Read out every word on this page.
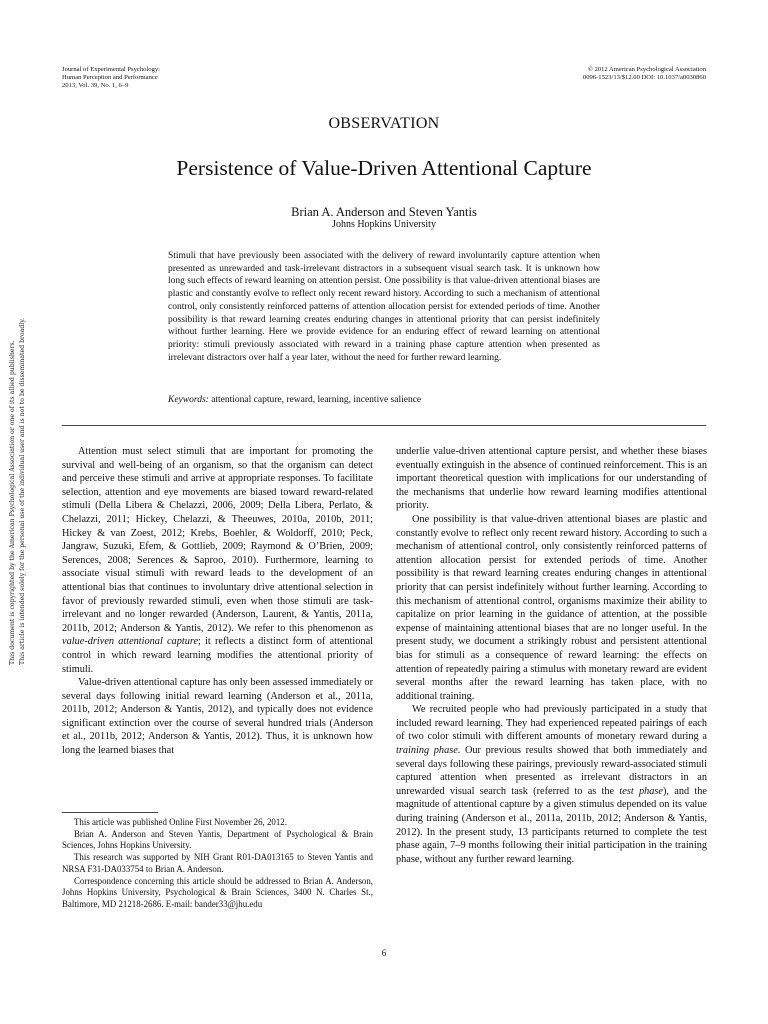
Journal of Experimental Psychology:
Human Perception and Performance
2013, Vol. 39, No. 1, 6–9
© 2012 American Psychological Association
0096-1523/13/$12.00 DOI: 10.1037/a0030860
OBSERVATION
Persistence of Value-Driven Attentional Capture
Brian A. Anderson and Steven Yantis
Johns Hopkins University
Stimuli that have previously been associated with the delivery of reward involuntarily capture attention when presented as unrewarded and task-irrelevant distractors in a subsequent visual search task. It is unknown how long such effects of reward learning on attention persist. One possibility is that value-driven attentional biases are plastic and constantly evolve to reflect only recent reward history. According to such a mechanism of attentional control, only consistently reinforced patterns of attention allocation persist for extended periods of time. Another possibility is that reward learning creates enduring changes in attentional priority that can persist indefinitely without further learning. Here we provide evidence for an enduring effect of reward learning on attentional priority: stimuli previously associated with reward in a training phase capture attention when presented as irrelevant distractors over half a year later, without the need for further reward learning.
Keywords: attentional capture, reward, learning, incentive salience

Attention must select stimuli that are important for promoting the survival and well-being of an organism, so that the organism can detect and perceive these stimuli and arrive at appropriate responses. To facilitate selection, attention and eye movements are biased toward reward-related stimuli (Della Libera & Chelazzi, 2006, 2009; Della Libera, Perlato, & Chelazzi, 2011; Hickey, Chelazzi, & Theeuwes, 2010a, 2010b, 2011; Hickey & van Zoest, 2012; Krebs, Boehler, & Woldorff, 2010; Peck, Jangraw, Suzuki, Efem, & Gottlieb, 2009; Raymond & O’Brien, 2009; Serences, 2008; Serences & Saproo, 2010). Furthermore, learning to associate visual stimuli with reward leads to the development of an attentional bias that continues to involuntary drive attentional selection in favor of previously rewarded stimuli, even when those stimuli are task-irrelevant and no longer rewarded (Anderson, Laurent, & Yantis, 2011a, 2011b, 2012; Anderson & Yantis, 2012). We refer to this phenomenon as value-driven attentional capture; it reflects a distinct form of attentional control in which reward learning modifies the attentional priority of stimuli.

Value-driven attentional capture has only been assessed immediately or several days following initial reward learning (Anderson et al., 2011a, 2011b, 2012; Anderson & Yantis, 2012), and typically does not evidence significant extinction over the course of several hundred trials (Anderson et al., 2011b, 2012; Anderson & Yantis, 2012). Thus, it is unknown how long the learned biases that

underlie value-driven attentional capture persist, and whether these biases eventually extinguish in the absence of continued reinforcement. This is an important theoretical question with implications for our understanding of the mechanisms that underlie how reward learning modifies attentional priority.

One possibility is that value-driven attentional biases are plastic and constantly evolve to reflect only recent reward history. According to such a mechanism of attentional control, only consistently reinforced patterns of attention allocation persist for extended periods of time. Another possibility is that reward learning creates enduring changes in attentional priority that can persist indefinitely without further learning. According to this mechanism of attentional control, organisms maximize their ability to capitalize on prior learning in the guidance of attention, at the possible expense of maintaining attentional biases that are no longer useful. In the present study, we document a strikingly robust and persistent attentional bias for stimuli as a consequence of reward learning: the effects on attention of repeatedly pairing a stimulus with monetary reward are evident several months after the reward learning has taken place, with no additional training.

We recruited people who had previously participated in a study that included reward learning. They had experienced repeated pairings of each of two color stimuli with different amounts of monetary reward during a training phase. Our previous results showed that both immediately and several days following these pairings, previously reward-associated stimuli captured attention when presented as irrelevant distractors in an unrewarded visual search task (referred to as the test phase), and the magnitude of attentional capture by a given stimulus depended on its value during training (Anderson et al., 2011a, 2011b, 2012; Anderson & Yantis, 2012). In the present study, 13 participants returned to complete the test phase again, 7–9 months following their initial participation in the training phase, without any further reward learning.

This article was published Online First November 26, 2012.

Brian A. Anderson and Steven Yantis, Department of Psychological & Brain Sciences, Johns Hopkins University.

This research was supported by NIH Grant R01-DA013165 to Steven Yantis and NRSA F31-DA033754 to Brian A. Anderson.

Correspondence concerning this article should be addressed to Brian A. Anderson, Johns Hopkins University, Psychological & Brain Sciences, 3400 N. Charles St., Baltimore, MD 21218-2686. E-mail: bander33@jhu.edu

6
This document is copyrighted by the American Psychological Association or one of its allied publishers. This article is intended solely for the personal use of the individual user and is not to be disseminated broadly.
